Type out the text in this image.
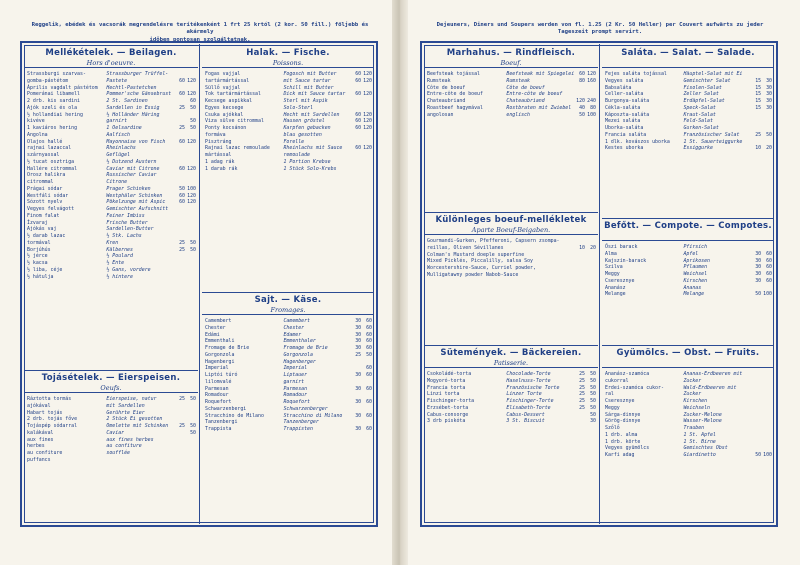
Reggelik, ebédek és vacsorák megrendelésre terítékenként 1 frt 25 krtól (2 kor. 50 fill.) följebb és akármely
időben pontosan szolgáltatnak.
Dejeuners, Diners und Soupers werden von fl. 1.25 (2 Kr. 50 Heller) per Couvert aufwärts zu jeder
Tageszeit prompt servirt.
Mellékételek. — Beilagen.
Hors d'oeuvre.
Strassburgi szarvas-	Strassburger Trüffel-
gomba-pástétom	Pastete	60 120
Április vagdalt pástétom	Hechtl-Pastetchen
Pomeránai libamell	Pommer'sche Gänsebrust	60 120
2 drb. kis sardini	2 St. Sardinen	60
Ajók szeli és ola	Sardellen in Essig	25	50
½ hollandiai hering	½ Holländer Häring
kivéve	garnirt	50
1 kaviáros hering	1 Oelsardine	25	50
Angolna	Aalfisch
Olajos hallé	Mayonnaise von Fisch	60 120
rajnai lazaccal	Rheinlachs
szárnyassal	Geflügel
½ tucat osztriga	½ Dutzend Austern
Hallére citrommal	Caviar mit Citrone	60 120
Orosz halikra	Russischer Caviar
citrommal	Citrone
Prágai sódar	Prager Schinken	50 100
Westfáli sódar	Westphäler Schinken	60 120
Sózott nyelv	Pökelzunge mit Aspic	60 120
Vegyes felvágott	Gemischter Aufschnitt
Finom falat	Feiner Imbiss
Ízvaraj	Frische Butter
Ajókás vaj	Sardellen-Butter
½ darab lazac	½ Stk. Lachs
tormával	Kren	25	50
Borjúhús	Kälbernes	25	50
½ jérce	½ Poulard
½ kacsa	½ Ente
½ liba, céje	½ Gans, vordere
½ hátulja	½ hintere
Tojásételek. — Eierspeisen.
Oeufs.
Ráztotta tormás	Eierspeise, natur	25	50
ajókával	mit Sardellen
Habart tojás	Gerührte Eier
2 drb. tojás főve	2 Stück Ei gesotten
Tojáspép sódarral	Omelette mit Schinken	25	50
kalákával	Caviar	50
aux fines	aux fines herbes
herbes	au confiture
au confiture	soufflée
puffancs
Halak. — Fische.
Poissons.
Fogas vajjal	Fogosch mit Butter	60 120
tartármártással	mit Sauce tartar	60 120
Süllő vajjal	Schill mit Butter
Tok tartármártással	Dick mit Sauce tartar	60 120
Kecsege aspikkal	Sterl mit Aspik
Egyes kecsege	Solo-Sterl
Csuka ajókkal	Hecht mit Sardellen	60 120
Viza sülve citrommal	Hausen gröstel	60 120
Ponty kocsánon	Karpfen gebacken	60 120
formáva	blau gesotten
Pisztráng	Forelle
Rajnai lazac remoulade	Rheinlachs mit Sauce	60 120
mártással	remoulade
1 adag rák	1 Portion Krebse
1 darab rák	1 Stück Solo-Krebs
Sajt. — Käse.
Fromages.
Camembert	Camembert	30	60
Chester	Chester	30	60
Edámi	Edamer	30	60
Emmenthali	Emmenthaler	30	60
Fromage de Brie	Fromage de Brie	30	60
Gorgonzola	Gorgonzola	25	50
Hagenbergi	Hagenberger
Imperial	Imperial	60
Liptói túró	Liptauer	30	60
lilomvalé	garnirt
Parmesan	Parmesan	30	60
Romadour	Romadour
Roquefort	Roquefort	30	60
Schwarzenbergi	Schwarzenberger
Stracchino de Milano	Stracchino di Milano	30	60
Tanzenbergi	Tanzenberger
Trappista	Trappisten	30	60
Marhahus. — Rindfleisch.
Boeuf.
Beefsteak tojással	Beefsteak mit Spiegelei	60 120
Rumsteak	Rumsteak	80 160
Côte de boeuf	Côte de boeuf
Entre-côte de boeuf	Entre-côte de boeuf
Chateaubriand	Chateaubriand	120 240
Roastbeef hagymával	Rostbraten mit Zwiebel	40	80
angolosan	englisch	50 100
Különleges boeuf-mellékletek
Aparte Boeuf-Beigaben.
Gourmandi-Gurken, Pfefferoni, Capsern zsompa-
reillas, Oliven Sévillanes	10	20
Colman's Mustard doeple superfine
Mixed Picklés, Piccalilly, salsa Soy
Worcestershire-Sauce, Curriel powder,
Mulligatawny powder Nabob-Sauce
Sütemények. — Bäckereien.
Patisserie.
Csokoládé-torta	Chocolade-Torte	25	50
Mogyoró-torta	Haselnuss-Torte	25	50
Francia torta	Französische Torte	25	50
Linzi torta	Linzer Torte	25	50
Fischinger-torta	Fischinger-Torte	25	50
Erzsébet-torta	Elisabeth-Torte	25	50
Cabus-consorge	Cabus-Dessert	50
3 drb piskóta	3 St. Biscuit	30
Saláta. — Salat. — Salade.
Fejes saláta tojással	Häuptel-Salat mit Ei
Vegyes saláta	Gemischter Salat	15	30
Babsaláta	Fisolen-Salat	15	30
Celler-saláta	Zeller Salat	15	30
Burgonya-saláta	Erdäpfel-Salat	15	30
Cékla-saláta	Speck-Salat	15	30
Káposzta-saláta	Kraut-Salat
Mezei saláta	Feld-Salat
Uborka-saláta	Gurken-Salat
Francia saláta	Französischer Salat	25	50
1 dlk. kovászos uborka	1 St. Sauerteiggurke
Kestes uborka	Essiggurke	10	20
Befőtt. — Compote. — Compotes.
Őszi barack	Pfirsich
Alma	Apfel	30	60
Kajszin-barack	Aprikosen	30	60
Szilva	Pflaumen	30	60
Meggy	Weichsel	30	60
Cseresznye	Kirschen	30	60
Ananász	Ananas
Melange	Melange	50 100
Gyümölcs. — Obst. — Fruits.
Ananász-szamóca	Ananas-Erdbeeren mit
cukorral	Zucker
Erdei-szamóca cukor-	Wald-Erdbeeren mit
ral	Zucker
Cseresznye	Kirschen
Meggy	Weichseln
Sárga-dinnye	Zucker-Melone
Görög-dinnye	Wasser-Melone
Szőlő	Trauben
1 drb. alma	1 St. Apfel
1 drb. körte	1 St. Birne
Vegyes gyümölcs	Gemischtes Obst
Karfi adag	Giardinetto	50 100
